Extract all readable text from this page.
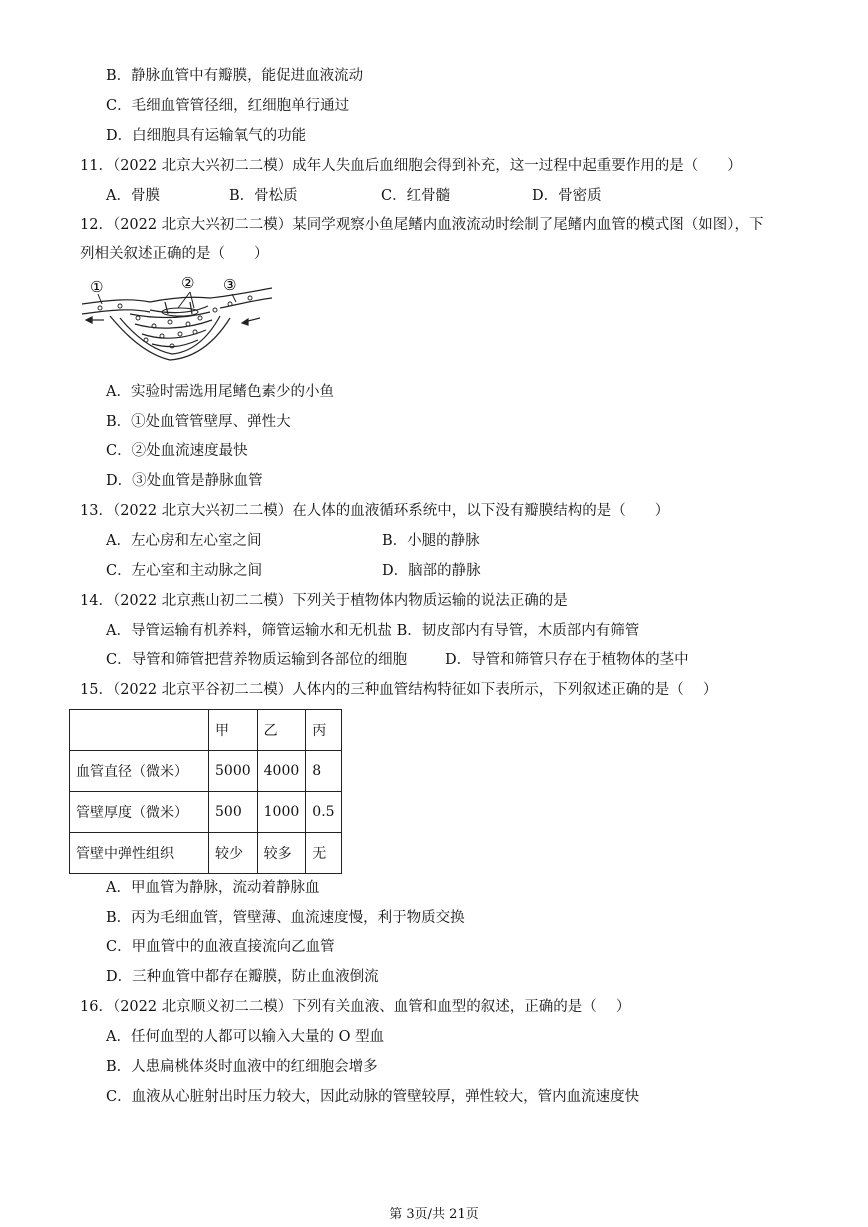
B．静脉血管中有瓣膜，能促进血液流动
C．毛细血管管径细，红细胞单行通过
D．白细胞具有运输氧气的功能
11．（2022 北京大兴初二二模）成年人失血后血细胞会得到补充，这一过程中起重要作用的是（　　）
A．骨膜	B．骨松质	C．红骨髓	D．骨密质
12．（2022 北京大兴初二二模）某同学观察小鱼尾鳍内血液流动时绘制了尾鳍内血管的模式图（如图），下
列相关叙述正确的是（　　）
①	② ③
A．实验时需选用尾鳍色素少的小鱼
B．①处血管管壁厚、弹性大
C．②处血流速度最快
D．③处血管是静脉血管
13．（2022 北京大兴初二二模）在人体的血液循环系统中，以下没有瓣膜结构的是（　　）
A．左心房和左心室之间	B．小腿的静脉
C．左心室和主动脉之间	D．脑部的静脉
14．（2022 北京燕山初二二模）下列关于植物体内物质运输的说法正确的是
A．导管运输有机养料，筛管运输水和无机盐 B．韧皮部内有导管，木质部内有筛管
C．导管和筛管把营养物质运输到各部位的细胞	D．导管和筛管只存在于植物体的茎中
15．（2022 北京平谷初二二模）人体内的三种血管结构特征如下表所示，下列叙述正确的是（　 ）
	甲	乙	丙
血管直径（微米）	5000	4000	8
管壁厚度（微米）	500	1000	0.5
管壁中弹性组织	较少	较多	无
A．甲血管为静脉，流动着静脉血
B．丙为毛细血管，管壁薄、血流速度慢，利于物质交换
C．甲血管中的血液直接流向乙血管
D．三种血管中都存在瓣膜，防止血液倒流
16．（2022 北京顺义初二二模）下列有关血液、血管和血型的叙述，正确的是（　 ）
A．任何血型的人都可以输入大量的 O 型血
B．人患扁桃体炎时血液中的红细胞会增多
C．血液从心脏射出时压力较大，因此动脉的管壁较厚，弹性较大，管内血流速度快
第 3页/共 21页
